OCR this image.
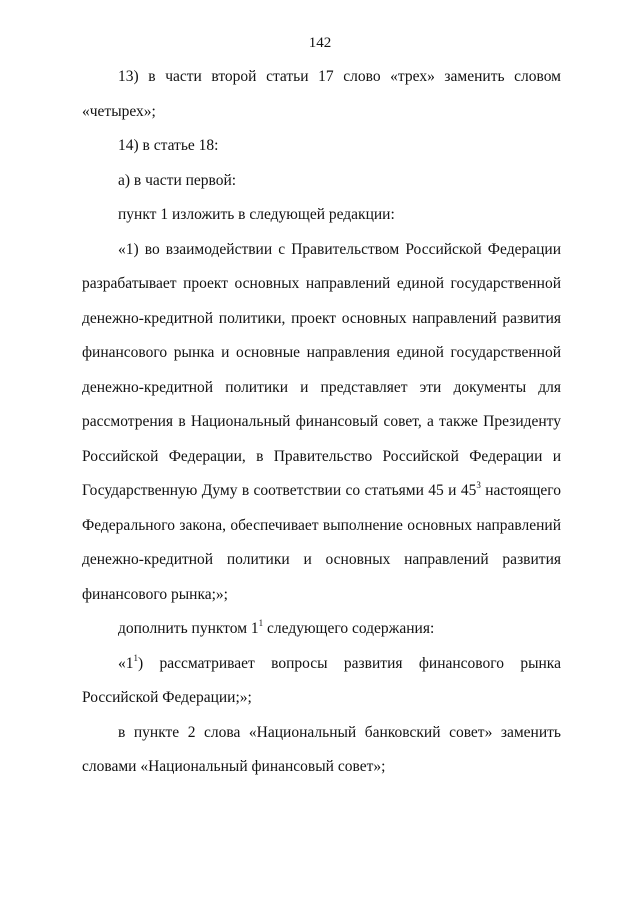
142

13) в части второй статьи 17 слово «трех» заменить словом «четырех»;

14) в статье 18:

а) в части первой:

пункт 1 изложить в следующей редакции:

«1) во взаимодействии с Правительством Российской Федерации разрабатывает проект основных направлений единой государственной денежно-кредитной политики, проект основных направлений развития финансового рынка и основные направления единой государственной денежно-кредитной политики и представляет эти документы для рассмотрения в Национальный финансовый совет, а также Президенту Российской Федерации, в Правительство Российской Федерации и Государственную Думу в соответствии со статьями 45 и $45^3$ настоящего Федерального закона, обеспечивает выполнение основных направлений денежно-кредитной политики и основных направлений развития финансового рынка;»;

дополнить пунктом $1^1$ следующего содержания:

«$1^1$) рассматривает вопросы развития финансового рынка Российской Федерации;»;

в пункте 2 слова «Национальный банковский совет» заменить словами «Национальный финансовый совет»;
